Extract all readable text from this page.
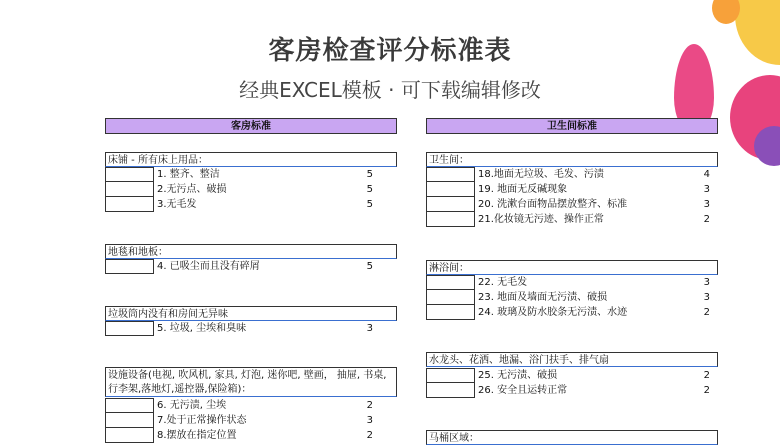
客房检查评分标准表
经典EXCEL模板 · 可下载编辑修改
客房标准
床铺 - 所有床上用品：
1. 整齐、整洁	5
2.无污点、破损	5
3.无毛发	5
地毯和地板：
4. 已吸尘而且没有碎屑	5
垃圾筒内没有和房间无异味
5. 垃圾, 尘埃和臭味	3
设施设备(电视, 吹风机, 家具, 灯泡, 迷你吧, 壁画， 抽屉, 书桌, 行李架,落地灯,遥控器,保险箱)：
6. 无污渍, 尘埃	2
7.处于正常操作状态	3
8.摆放在指定位置	2
卫生间标准
卫生间：
18.地面无垃圾、毛发、污渍	4
19. 地面无反碱现象	3
20. 洗漱台面物品摆放整齐、标准	3
21.化妆镜无污迹、操作正常	2
淋浴间：
22. 无毛发	3
23. 地面及墙面无污渍、破损	3
24. 玻璃及防水胶条无污渍、水迹	2
水龙头、花洒、地漏、浴门扶手、排气扇
25. 无污渍、破损	2
26. 安全且运转正常	2
马桶区域：
